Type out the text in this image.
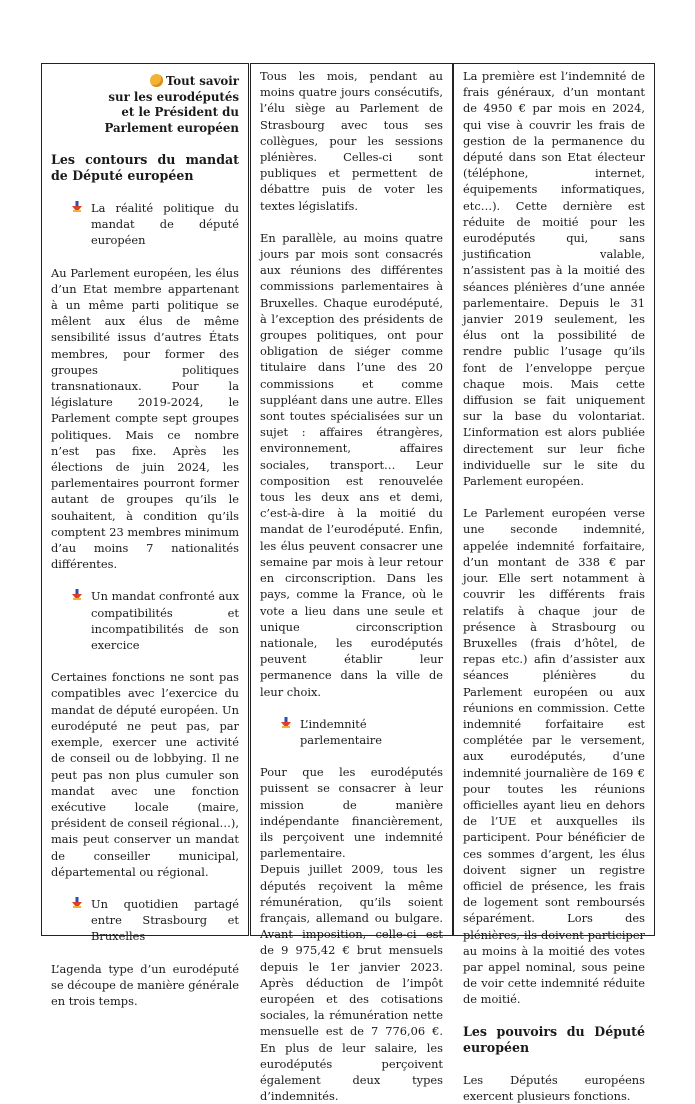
Tout savoir
sur les eurodéputés
et le Président du
Parlement européen
Les contours du mandat de Député européen
La réalité politique du mandat de député européen

Au Parlement européen, les élus d’un Etat membre appartenant à un même parti politique se mêlent aux élus de même sensibilité issus d’autres États membres, pour former des groupes politiques transnationaux. Pour la législature 2019-2024, le Parlement compte sept groupes politiques. Mais ce nombre n’est pas fixe. Après les élections de juin 2024, les parlementaires pourront former autant de groupes qu’ils le souhaitent, à condition qu’ils comptent 23 membres minimum d’au moins 7 nationalités différentes.

Un mandat confronté aux compatibilités et incompatibilités de son exercice

Certaines fonctions ne sont pas compatibles avec l’exercice du mandat de député européen. Un eurodéputé ne peut pas, par exemple, exercer une activité de conseil ou de lobbying. Il ne peut pas non plus cumuler son mandat avec une fonction exécutive locale (maire, président de conseil régional…), mais peut conserver un mandat de conseiller municipal, départemental ou régional.

Un quotidien partagé entre Strasbourg et Bruxelles

L’agenda type d’un eurodéputé se découpe de manière générale en trois temps.

Tous les mois, pendant au moins quatre jours consécutifs, l’élu siège au Parlement de Strasbourg avec tous ses collègues, pour les sessions plénières. Celles-ci sont publiques et permettent de débattre puis de voter les textes législatifs.

En parallèle, au moins quatre jours par mois sont consacrés aux réunions des différentes commissions parlementaires à Bruxelles. Chaque eurodéputé, à l’exception des présidents de groupes politiques, ont pour obligation de siéger comme titulaire dans l’une des 20 commissions et comme suppléant dans une autre. Elles sont toutes spécialisées sur un sujet : affaires étrangères, environnement, affaires sociales, transport… Leur composition est renouvelée tous les deux ans et demi, c’est-à-dire à la moitié du mandat de l’eurodéputé. Enfin, les élus peuvent consacrer une semaine par mois à leur retour en circonscription. Dans les pays, comme la France, où le vote a lieu dans une seule et unique circonscription nationale, les eurodéputés peuvent établir leur permanence dans la ville de leur choix.

L’indemnité parlementaire

Pour que les eurodéputés puissent se consacrer à leur mission de manière indépendante financièrement, ils perçoivent une indemnité parlementaire.

Depuis juillet 2009, tous les députés reçoivent la même rémunération, qu’ils soient français, allemand ou bulgare. Avant imposition, celle-ci est de 9 975,42 € brut mensuels depuis le 1er janvier 2023. Après déduction de l’impôt européen et des cotisations sociales, la rémunération nette mensuelle est de 7 776,06 €. En plus de leur salaire, les eurodéputés perçoivent également deux types d’indemnités.

La première est l’indemnité de frais généraux, d’un montant de 4950 € par mois en 2024, qui vise à couvrir les frais de gestion de la permanence du député dans son Etat électeur (téléphone, internet, équipements informatiques, etc…). Cette dernière est réduite de moitié pour les eurodéputés qui, sans justification valable, n’assistent pas à la moitié des séances plénières d’une année parlementaire. Depuis le 31 janvier 2019 seulement, les élus ont la possibilité de rendre public l’usage qu’ils font de l’enveloppe perçue chaque mois. Mais cette diffusion se fait uniquement sur la base du volontariat. L’information est alors publiée directement sur leur fiche individuelle sur le site du Parlement européen.

Le Parlement européen verse une seconde indemnité, appelée indemnité forfaitaire, d’un montant de 338 € par jour. Elle sert notamment à couvrir les différents frais relatifs à chaque jour de présence à Strasbourg ou Bruxelles (frais d’hôtel, de repas etc.) afin d’assister aux séances plénières du Parlement européen ou aux réunions en commission. Cette indemnité forfaitaire est complétée par le versement, aux eurodéputés, d’une indemnité journalière de 169 € pour toutes les réunions officielles ayant lieu en dehors de l’UE et auxquelles ils participent. Pour bénéficier de ces sommes d’argent, les élus doivent signer un registre officiel de présence, les frais de logement sont remboursés séparément. Lors des plénières, ils doivent participer au moins à la moitié des votes par appel nominal, sous peine de voir cette indemnité réduite de moitié.

Les pouvoirs du Député européen

Les Députés européens exercent plusieurs fonctions.
